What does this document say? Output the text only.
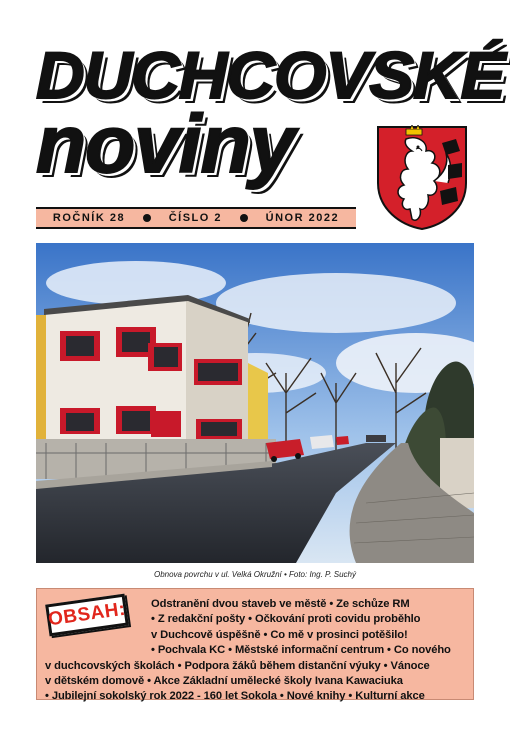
DUCHCOVSKÉ
noviny
ROČNÍK 28	ČÍSLO 2	ÚNOR 2022
Obnova povrchu v ul. Velká Okružní • Foto: Ing. P. Suchý
Odstranění dvou staveb ve městě • Ze schůze RM
• Z redakční pošty • Očkování proti covidu proběhlo
v Duchcově úspěšně • Co mě v prosinci potěšilo!
• Pochvala KC • Městské informační centrum • Co nového
v duchcovských školách • Podpora žáků během distanční výuky • Vánoce
v dětském domově • Akce Základní umělecké školy Ivana Kawaciuka
• Jubilejní sokolský rok 2022 - 160 let Sokola • Nové knihy • Kulturní akce
OBSAH:
